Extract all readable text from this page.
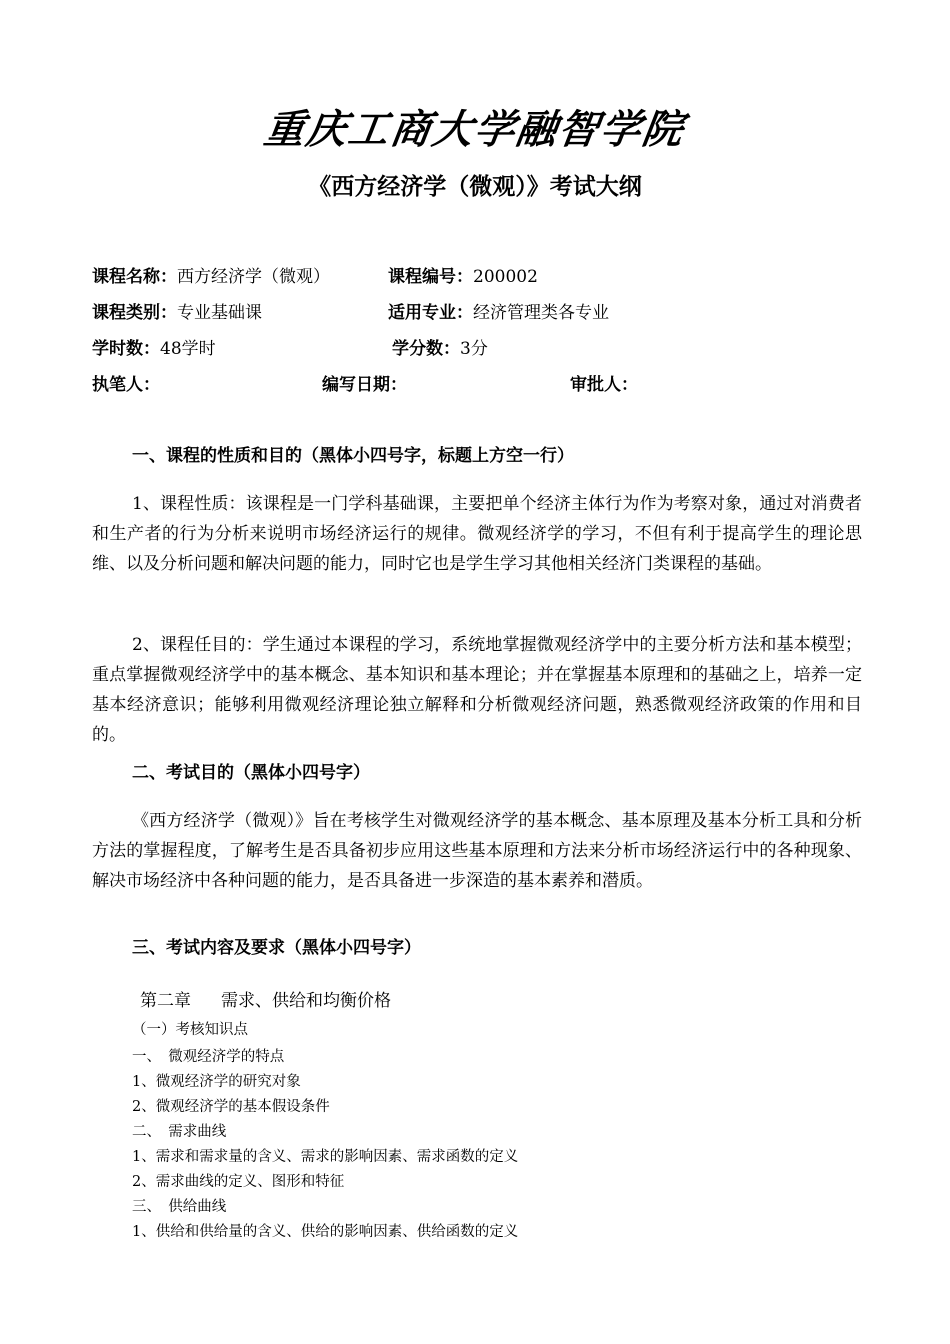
重庆工商大学融智学院
《西方经济学（微观）》考试大纲
课程名称：西方经济学（微观）	课程编号：200002
课程类别：专业基础课	适用专业：经济管理类各专业
学时数：48学时	学分数：3分
执笔人：	编写日期：	审批人：
一、课程的性质和目的（黑体小四号字，标题上方空一行）
1、课程性质：该课程是一门学科基础课，主要把单个经济主体行为作为考察对象，通过对消费者和生产者的行为分析来说明市场经济运行的规律。微观经济学的学习，不但有利于提高学生的理论思维、以及分析问题和解决问题的能力，同时它也是学生学习其他相关经济门类课程的基础。
2、课程任目的：学生通过本课程的学习，系统地掌握微观经济学中的主要分析方法和基本模型；重点掌握微观经济学中的基本概念、基本知识和基本理论；并在掌握基本原理和的基础之上，培养一定基本经济意识；能够利用微观经济理论独立解释和分析微观经济问题，熟悉微观经济政策的作用和目的。
二、考试目的（黑体小四号字）
《西方经济学（微观）》旨在考核学生对微观经济学的基本概念、基本原理及基本分析工具和分析方法的掌握程度，了解考生是否具备初步应用这些基本原理和方法来分析市场经济运行中的各种现象、解决市场经济中各种问题的能力，是否具备进一步深造的基本素养和潜质。
三、考试内容及要求（黑体小四号字）
第二章 需求、供给和均衡价格
（一）考核知识点
一、　微观经济学的特点
1、微观经济学的研究对象
2、微观经济学的基本假设条件
二、　需求曲线
1、需求和需求量的含义、需求的影响因素、需求函数的定义
2、需求曲线的定义、图形和特征
三、　供给曲线
1、供给和供给量的含义、供给的影响因素、供给函数的定义
